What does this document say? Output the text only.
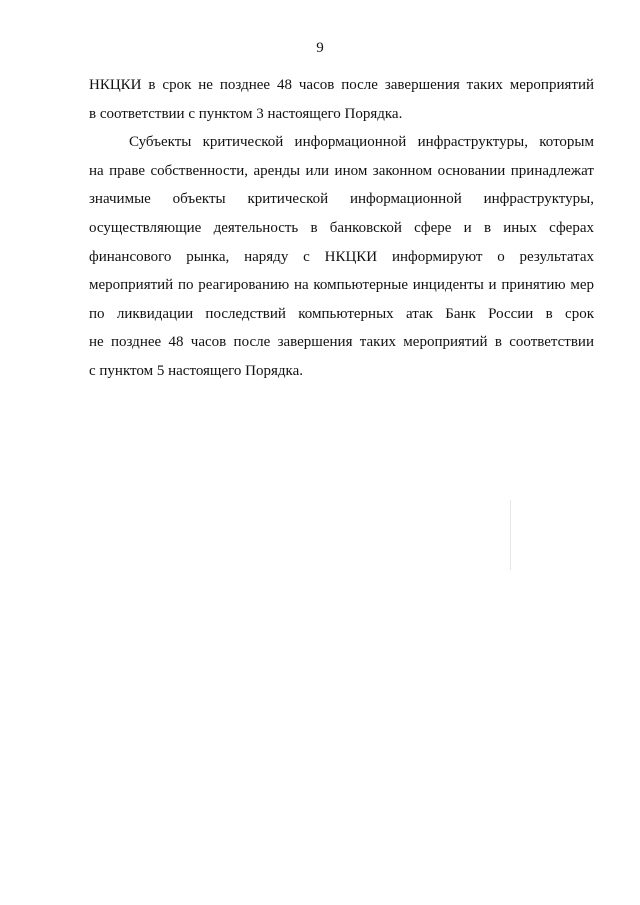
9
НКЦКИ в срок не позднее 48 часов после завершения таких мероприятий
в соответствии с пунктом 3 настоящего Порядка.
Субъекты критической информационной инфраструктуры, которым
на праве собственности, аренды или ином законном основании принадлежат
значимые объекты критической информационной инфраструктуры,
осуществляющие деятельность в банковской сфере и в иных сферах
финансового рынка, наряду с НКЦКИ информируют о результатах
мероприятий по реагированию на компьютерные инциденты и принятию мер
по ликвидации последствий компьютерных атак Банк России в срок
не позднее 48 часов после завершения таких мероприятий в соответствии
с пунктом 5 настоящего Порядка.
